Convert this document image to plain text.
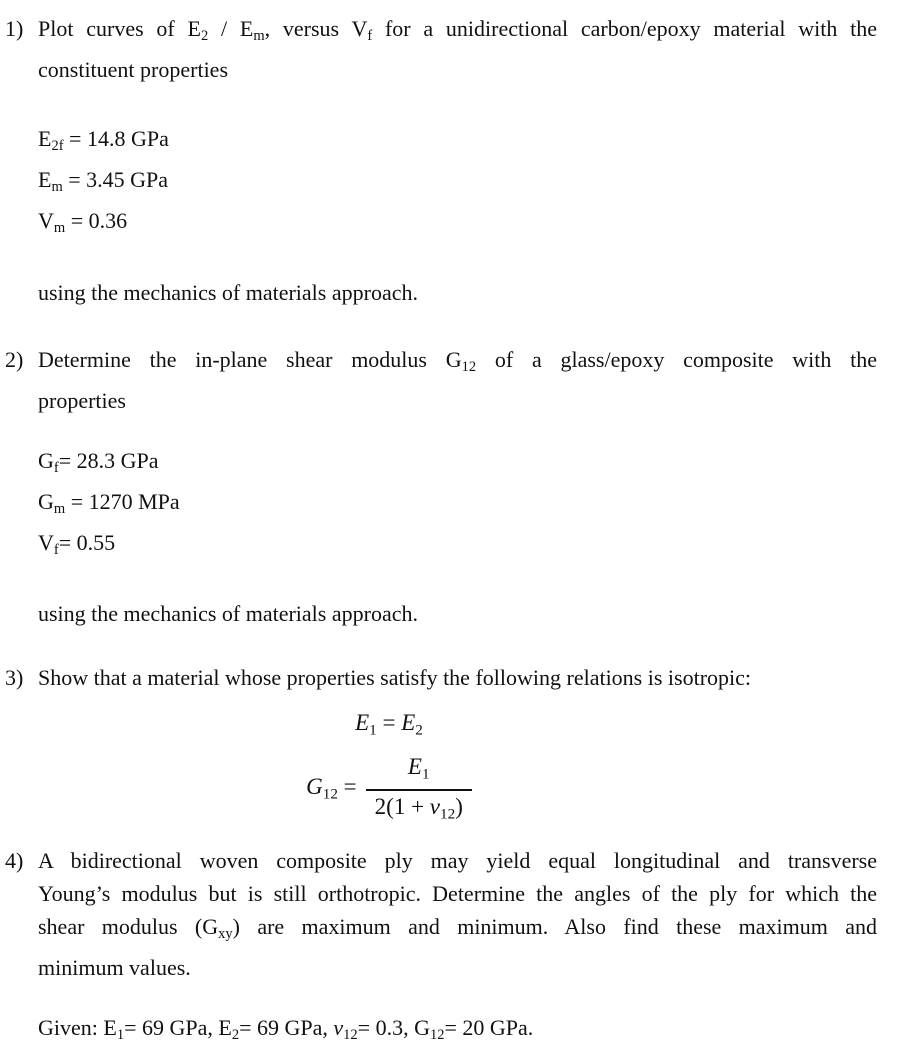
1) Plot curves of $E_2 / E_m$, versus $V_f$ for a unidirectional carbon/epoxy material with the
constituent properties
$E_{2f} = 14.8$ GPa
$E_m = 3.45$ GPa
$V_m = 0.36$
using the mechanics of materials approach.
2) Determine the in-plane shear modulus $G_{12}$ of a glass/epoxy composite with the
properties
$G_f= 28.3$ GPa
$G_m = 1270$ MPa
$V_f= 0.55$
using the mechanics of materials approach.
3) Show that a material whose properties satisfy the following relations is isotropic:
$E_1 = E_2$
$G_{12} = \frac{E_1}{2(1 + \nu_{12})}$
4) A bidirectional woven composite ply may yield equal longitudinal and transverse
Young’s modulus but is still orthotropic. Determine the angles of the ply for which the
shear modulus $(G_{xy})$ are maximum and minimum. Also find these maximum and
minimum values.
Given: $E_1= 69$ GPa, $E_2= 69$ GPa, $\nu_{12}= 0.3$, $G_{12}= 20$ GPa.
